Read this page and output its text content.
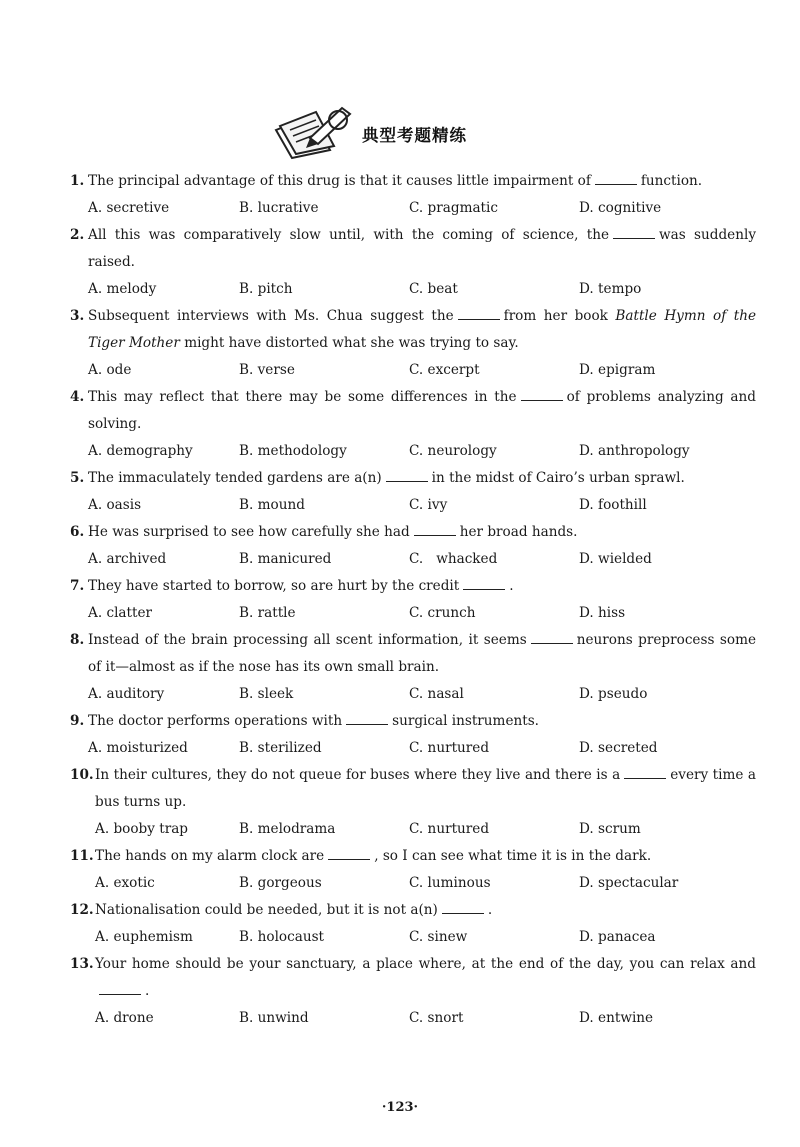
典型考题精练
1. The principal advantage of this drug is that it causes little impairment of	function.
A. secretive	B. lucrative	C. pragmatic	D. cognitive
2. All this was comparatively slow until, with the coming of science, the	was suddenly raised.
A. melody	B. pitch	C. beat	D. tempo
3. Subsequent interviews with Ms. Chua suggest the	from her book Battle Hymn of the Tiger Mother might have distorted what she was trying to say.
A. ode	B. verse	C. excerpt	D. epigram
4. This may reflect that there may be some differences in the	of problems analyzing and solving.
A. demography	B. methodology	C. neurology	D. anthropology
5. The immaculately tended gardens are a(n)	in the midst of Cairo’s urban sprawl.
A. oasis	B. mound	C. ivy	D. foothill
6. He was surprised to see how carefully she had	her broad hands.
A. archived	B. manicured	C.   whacked	D. wielded
7. They have started to borrow, so are hurt by the credit	.
A. clatter	B. rattle	C. crunch	D. hiss
8. Instead of the brain processing all scent information, it seems	neurons preprocess some of it—almost as if the nose has its own small brain.
A. auditory	B. sleek	C. nasal	D. pseudo
9. The doctor performs operations with	surgical instruments.
A. moisturized	B. sterilized	C. nurtured	D. secreted
10. In their cultures, they do not queue for buses where they live and there is a	every time a bus turns up.
A. booby trap	B. melodrama	C. nurtured	D. scrum
11. The hands on my alarm clock are	, so I can see what time it is in the dark.
A. exotic	B. gorgeous	C. luminous	D. spectacular
12. Nationalisation could be needed, but it is not a(n)	.
A. euphemism	B. holocaust	C. sinew	D. panacea
13. Your home should be your sanctuary, a place where, at the end of the day, you can relax and.
A. drone	B. unwind	C. snort	D. entwine
·123·
